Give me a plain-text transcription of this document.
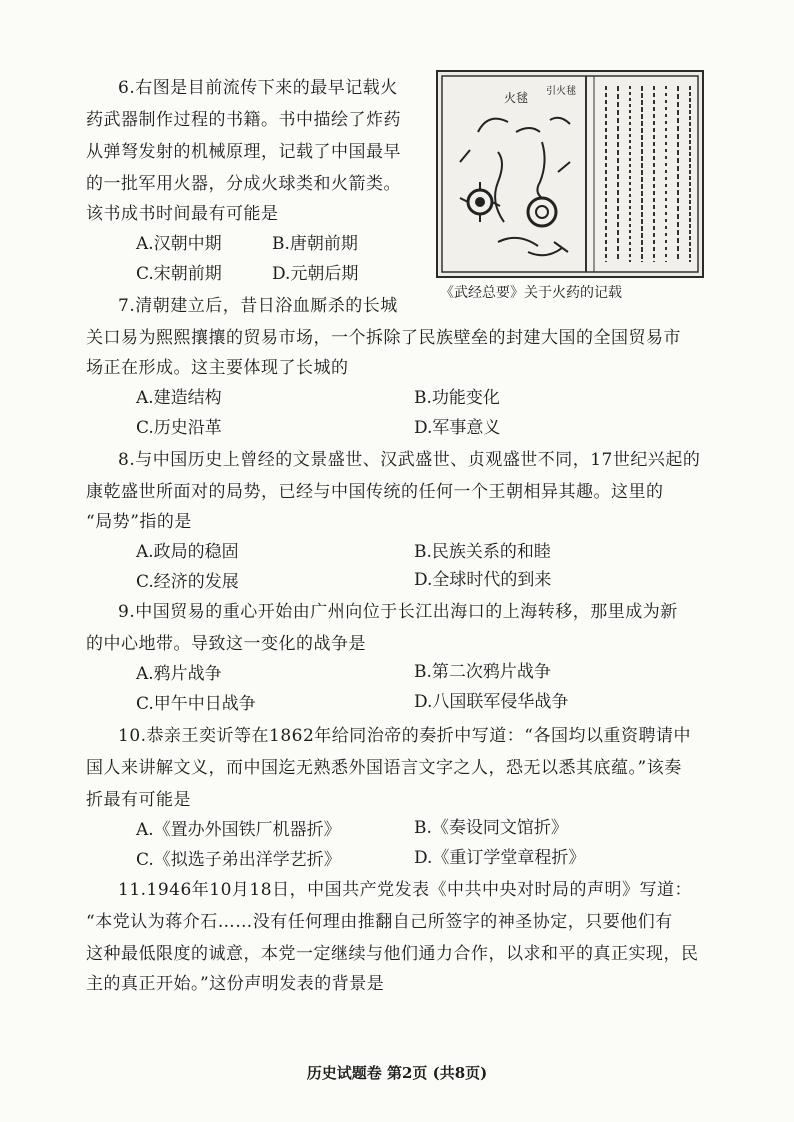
6.右图是目前流传下来的最早记载火
药武器制作过程的书籍。书中描绘了炸药
从弹弩发射的机械原理，记载了中国最早
的一批军用火器，分成火球类和火箭类。
该书成书时间最有可能是
A.汉朝中期	B.唐朝前期
C.宋朝前期	D.元朝后期
火毬 引火毬
《武经总要》关于火药的记载
7.清朝建立后，昔日浴血厮杀的长城
关口易为熙熙攘攘的贸易市场，一个拆除了民族壁垒的封建大国的全国贸易市
场正在形成。这主要体现了长城的
A.建造结构	B.功能变化
C.历史沿革	D.军事意义
8.与中国历史上曾经的文景盛世、汉武盛世、贞观盛世不同，17世纪兴起的
康乾盛世所面对的局势，已经与中国传统的任何一个王朝相异其趣。这里的
“局势”指的是
A.政局的稳固	B.民族关系的和睦
C.经济的发展	D.全球时代的到来
9.中国贸易的重心开始由广州向位于长江出海口的上海转移，那里成为新
的中心地带。导致这一变化的战争是
A.鸦片战争	B.第二次鸦片战争
C.甲午中日战争	D.八国联军侵华战争
10.恭亲王奕䜣等在1862年给同治帝的奏折中写道：“各国均以重资聘请中
国人来讲解文义，而中国迄无熟悉外国语言文字之人，恐无以悉其底蕴。”该奏
折最有可能是
A.《置办外国铁厂机器折》	B.《奏设同文馆折》
C.《拟选子弟出洋学艺折》	D.《重订学堂章程折》
11.1946年10月18日，中国共产党发表《中共中央对时局的声明》写道：
“本党认为蒋介石……没有任何理由推翻自己所签字的神圣协定，只要他们有
这种最低限度的诚意，本党一定继续与他们通力合作，以求和平的真正实现，民
主的真正开始。”这份声明发表的背景是
历史试题卷 第2页 (共8页)
